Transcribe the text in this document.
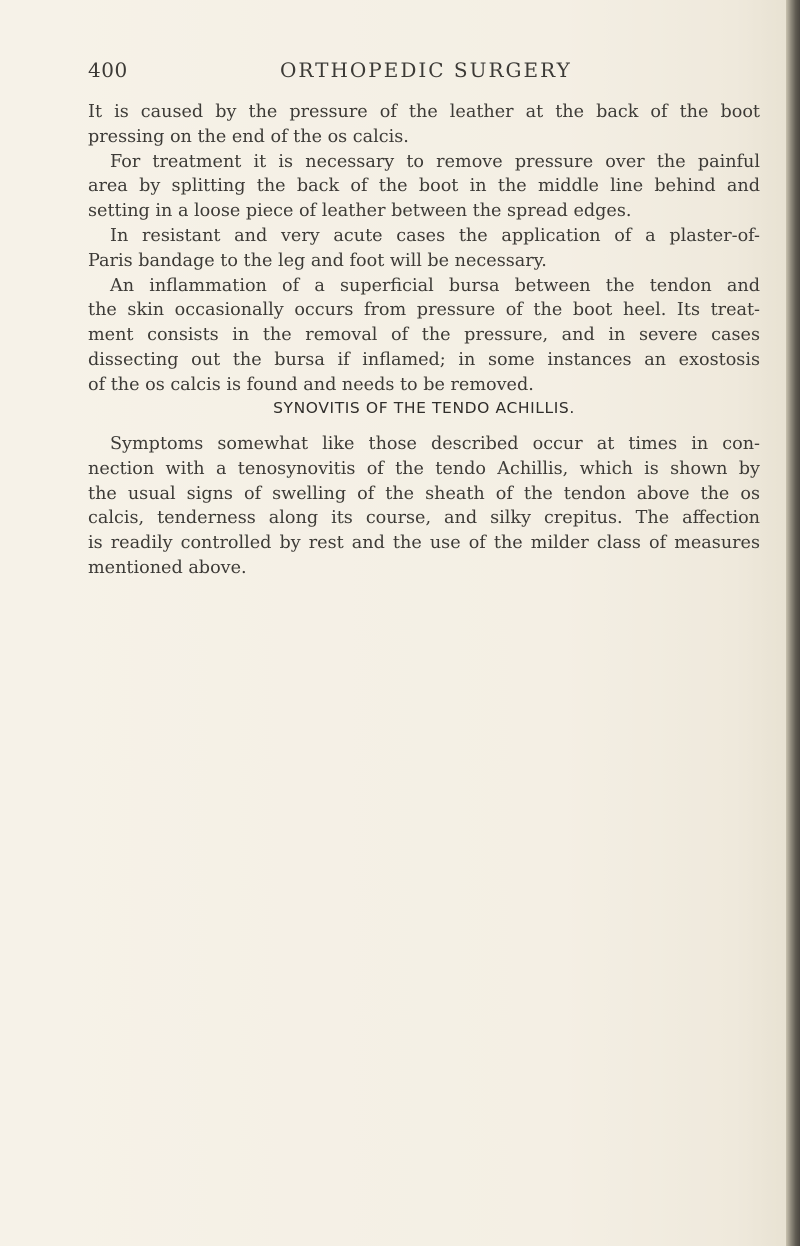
400	ORTHOPEDIC SURGERY
It is caused by the pressure of the leather at the back of the boot
pressing on the end of the os calcis.
For treatment it is necessary to remove pressure over the painful
area by splitting the back of the boot in the middle line behind and
setting in a loose piece of leather between the spread edges.
In resistant and very acute cases the application of a plaster-of-
Paris bandage to the leg and foot will be necessary.
An inflammation of a superficial bursa between the tendon and
the skin occasionally occurs from pressure of the boot heel. Its treat-
ment consists in the removal of the pressure, and in severe cases
dissecting out the bursa if inflamed; in some instances an exostosis
of the os calcis is found and needs to be removed.
SYNOVITIS OF THE TENDO ACHILLIS.
Symptoms somewhat like those described occur at times in con-
nection with a tenosynovitis of the tendo Achillis, which is shown by
the usual signs of swelling of the sheath of the tendon above the os
calcis, tenderness along its course, and silky crepitus. The affection
is readily controlled by rest and the use of the milder class of measures
mentioned above.
